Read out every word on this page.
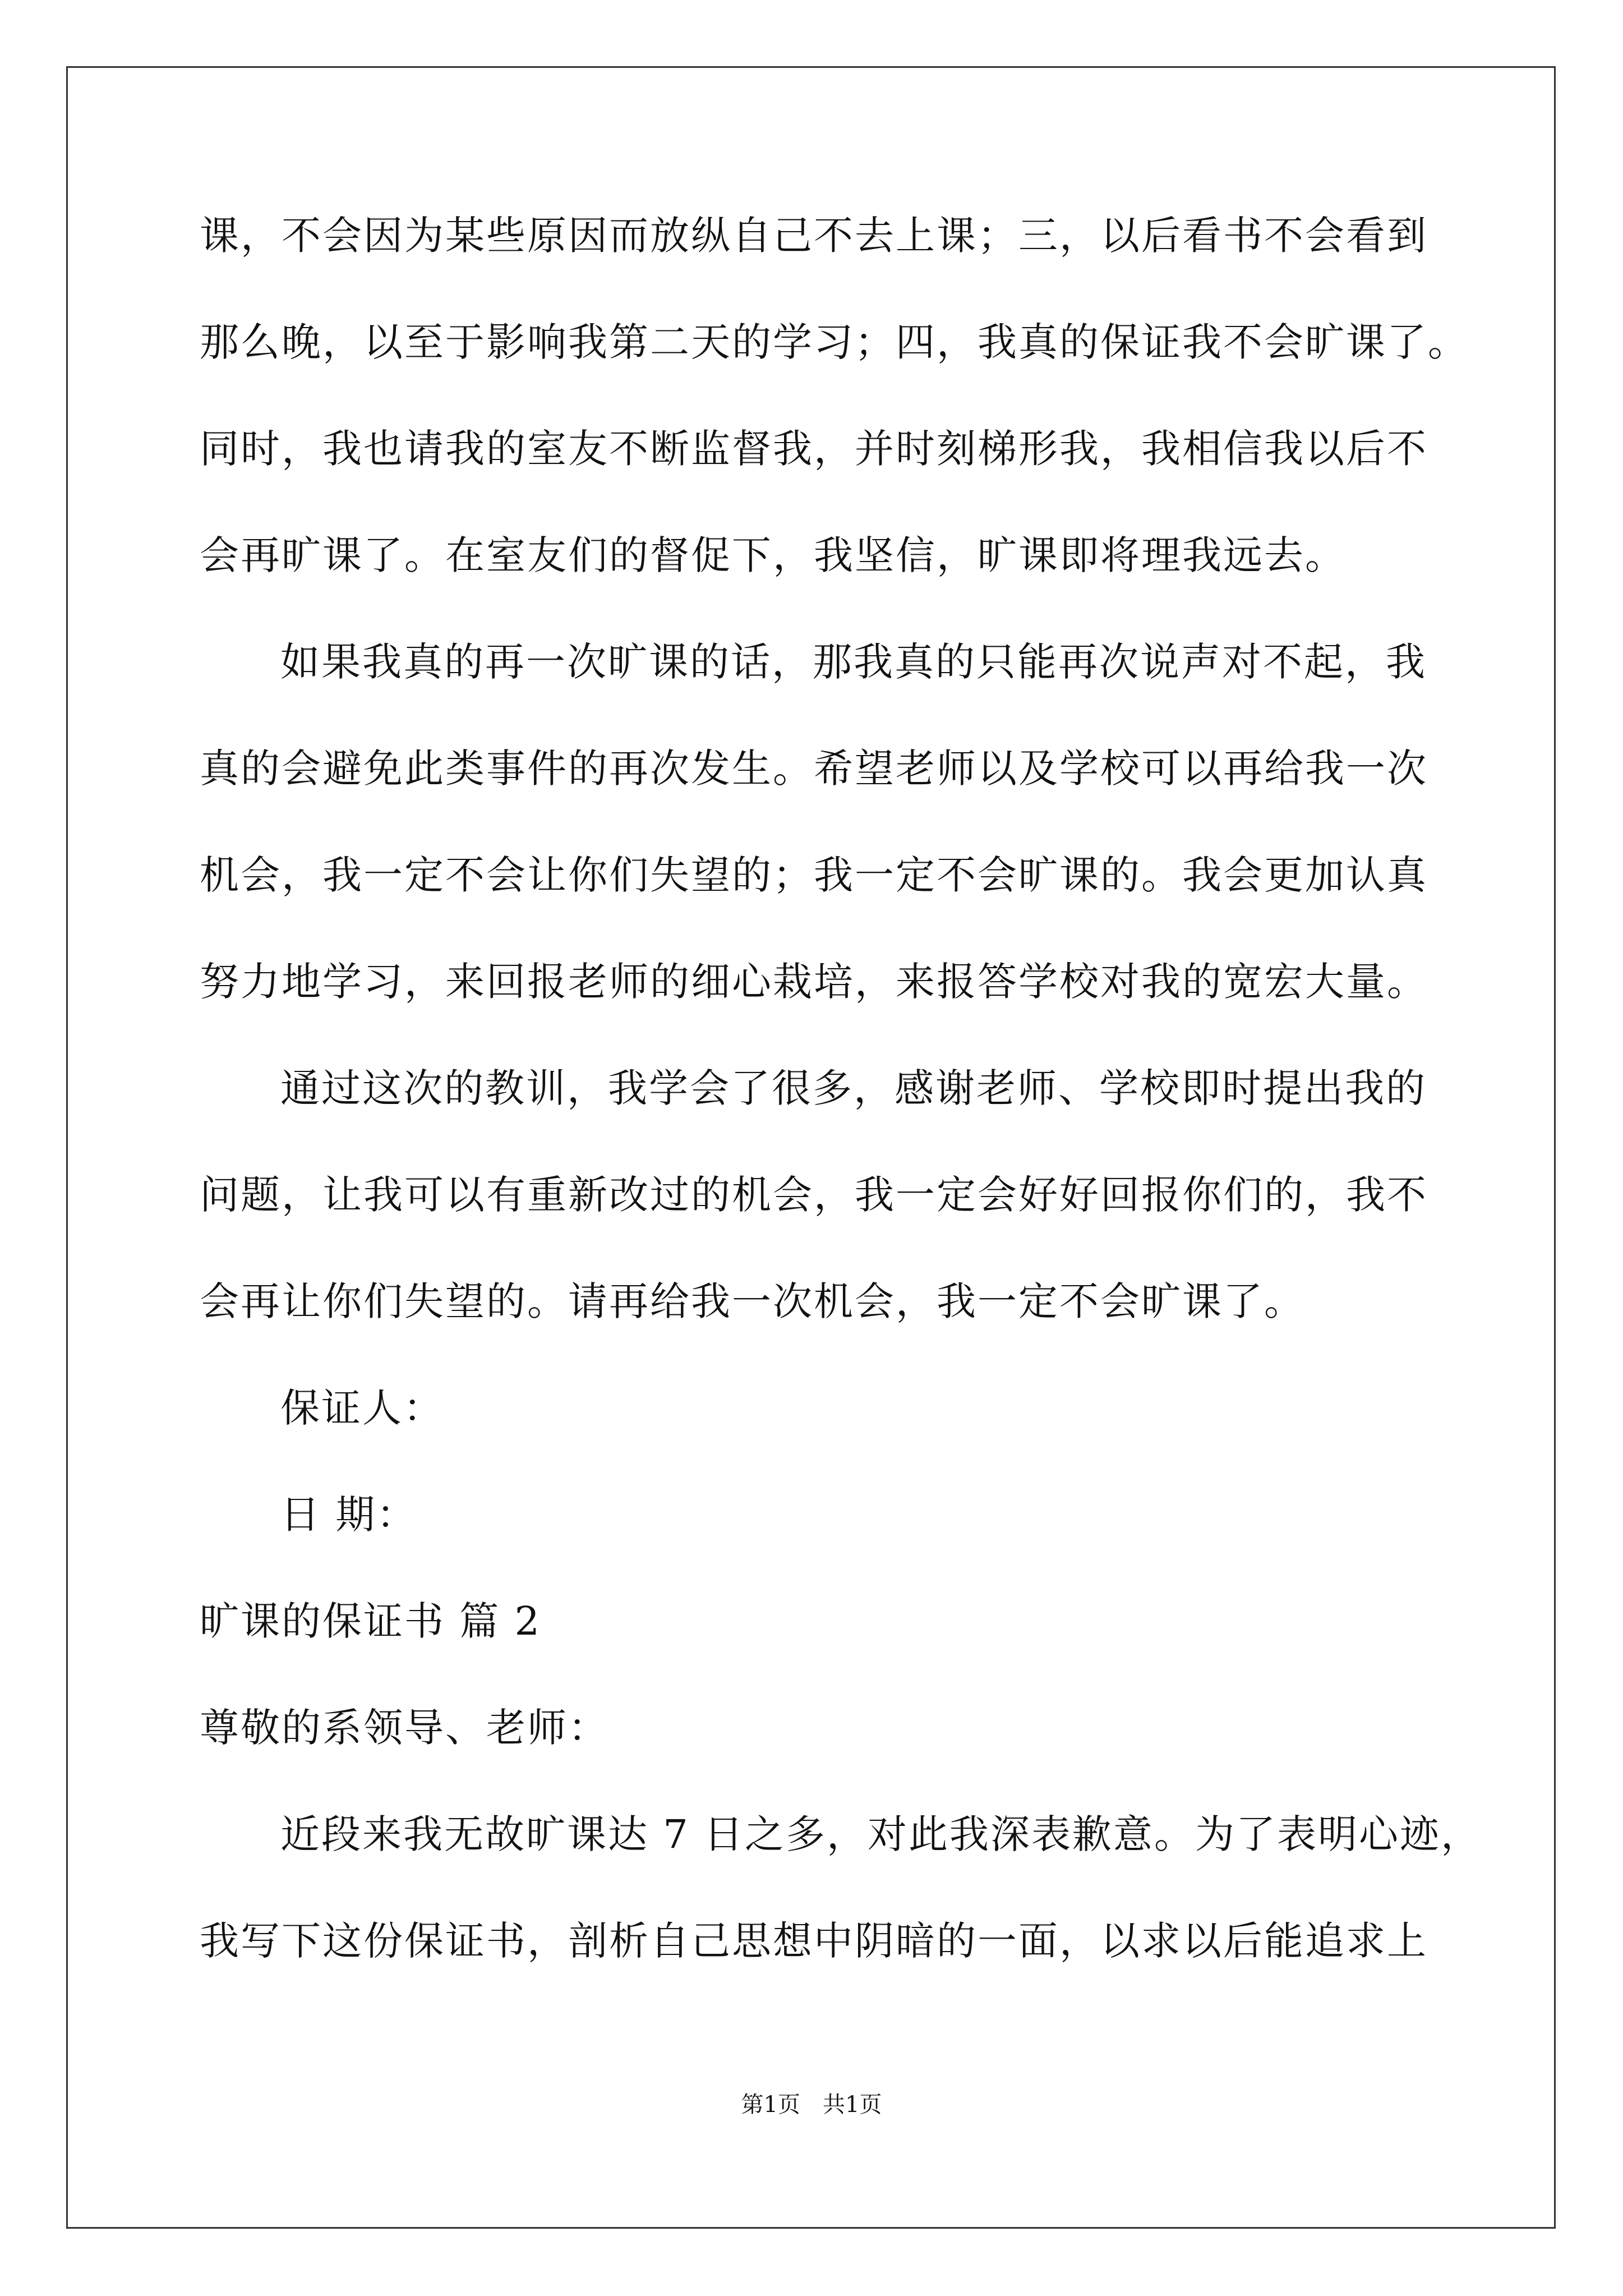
课，不会因为某些原因而放纵自己不去上课；三，以后看书不会看到
那么晚，以至于影响我第二天的学习；四，我真的保证我不会旷课了。
同时，我也请我的室友不断监督我，并时刻梯形我，我相信我以后不
会再旷课了。在室友们的督促下，我坚信，旷课即将理我远去。
如果我真的再一次旷课的话，那我真的只能再次说声对不起，我
真的会避免此类事件的再次发生。希望老师以及学校可以再给我一次
机会，我一定不会让你们失望的；我一定不会旷课的。我会更加认真
努力地学习，来回报老师的细心栽培，来报答学校对我的宽宏大量。
通过这次的教训，我学会了很多，感谢老师、学校即时提出我的
问题，让我可以有重新改过的机会，我一定会好好回报你们的，我不
会再让你们失望的。请再给我一次机会，我一定不会旷课了。
保证人：
日 期：
旷课的保证书 篇 2
尊敬的系领导、老师：
近段来我无故旷课达 7 日之多，对此我深表歉意。为了表明心迹，
我写下这份保证书，剖析自己思想中阴暗的一面，以求以后能追求上
第1页　共1页
